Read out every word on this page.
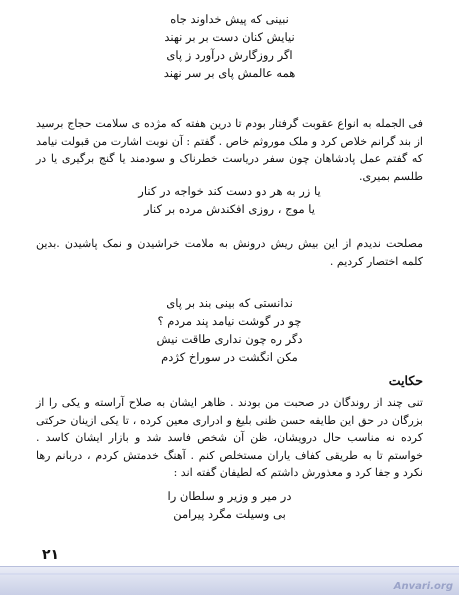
نبینی که پیش خداوند جاه
نیایش کنان دست بر بر نهند
اگر روزگارش درآورد ز پای
همه عالمش پای بر سر نهند
فی الجمله به انواع عقوبت گرفتار بودم تا درین هفته که مژده ی سلامت حجاج برسید از بند گرانم خلاص کرد و ملک موروثم خاص . گفتم : آن نوبت اشارت من قبولت نیامد که گفتم عمل پادشاهان چون سفر دریاست خطرناک و سودمند یا گنج برگیری یا در طلسم بمیری.
یا زر به هر دو دست کند خواجه در کنار
یا موج ، روزی افکندش مرده بر کنار
مصلحت ندیدم از این بیش ریش درونش به ملامت خراشیدن و نمک پاشیدن .بدین کلمه اختصار کردیم .
ندانستی که بینی بند بر پای
چو در گوشت نیامد پند مردم ؟
دگر ره چون نداری طاقت نیش
مکن انگشت در سوراخ کژدم
حکایت
تنی چند از روندگان در صحبت من بودند . ظاهر ایشان به صلاح آراسته و یکی را از بزرگان در حق این طایفه حسن ظنی بلیغ و ادراری معین کرده ، تا یکی ازینان حرکتی کرده نه مناسب حال درویشان، ظن آن شخص فاسد شد و بازار ایشان کاسد . خواستم تا به طریقی کفاف یاران مستخلص کنم . آهنگ خدمتش کردم ، دربانم رها نکرد و جفا کرد و معذورش داشتم که لطیفان گفته اند :
در میر و وزیر و سلطان را
بی وسیلت مگرد پیرامن
۲۱
Anvari.org
